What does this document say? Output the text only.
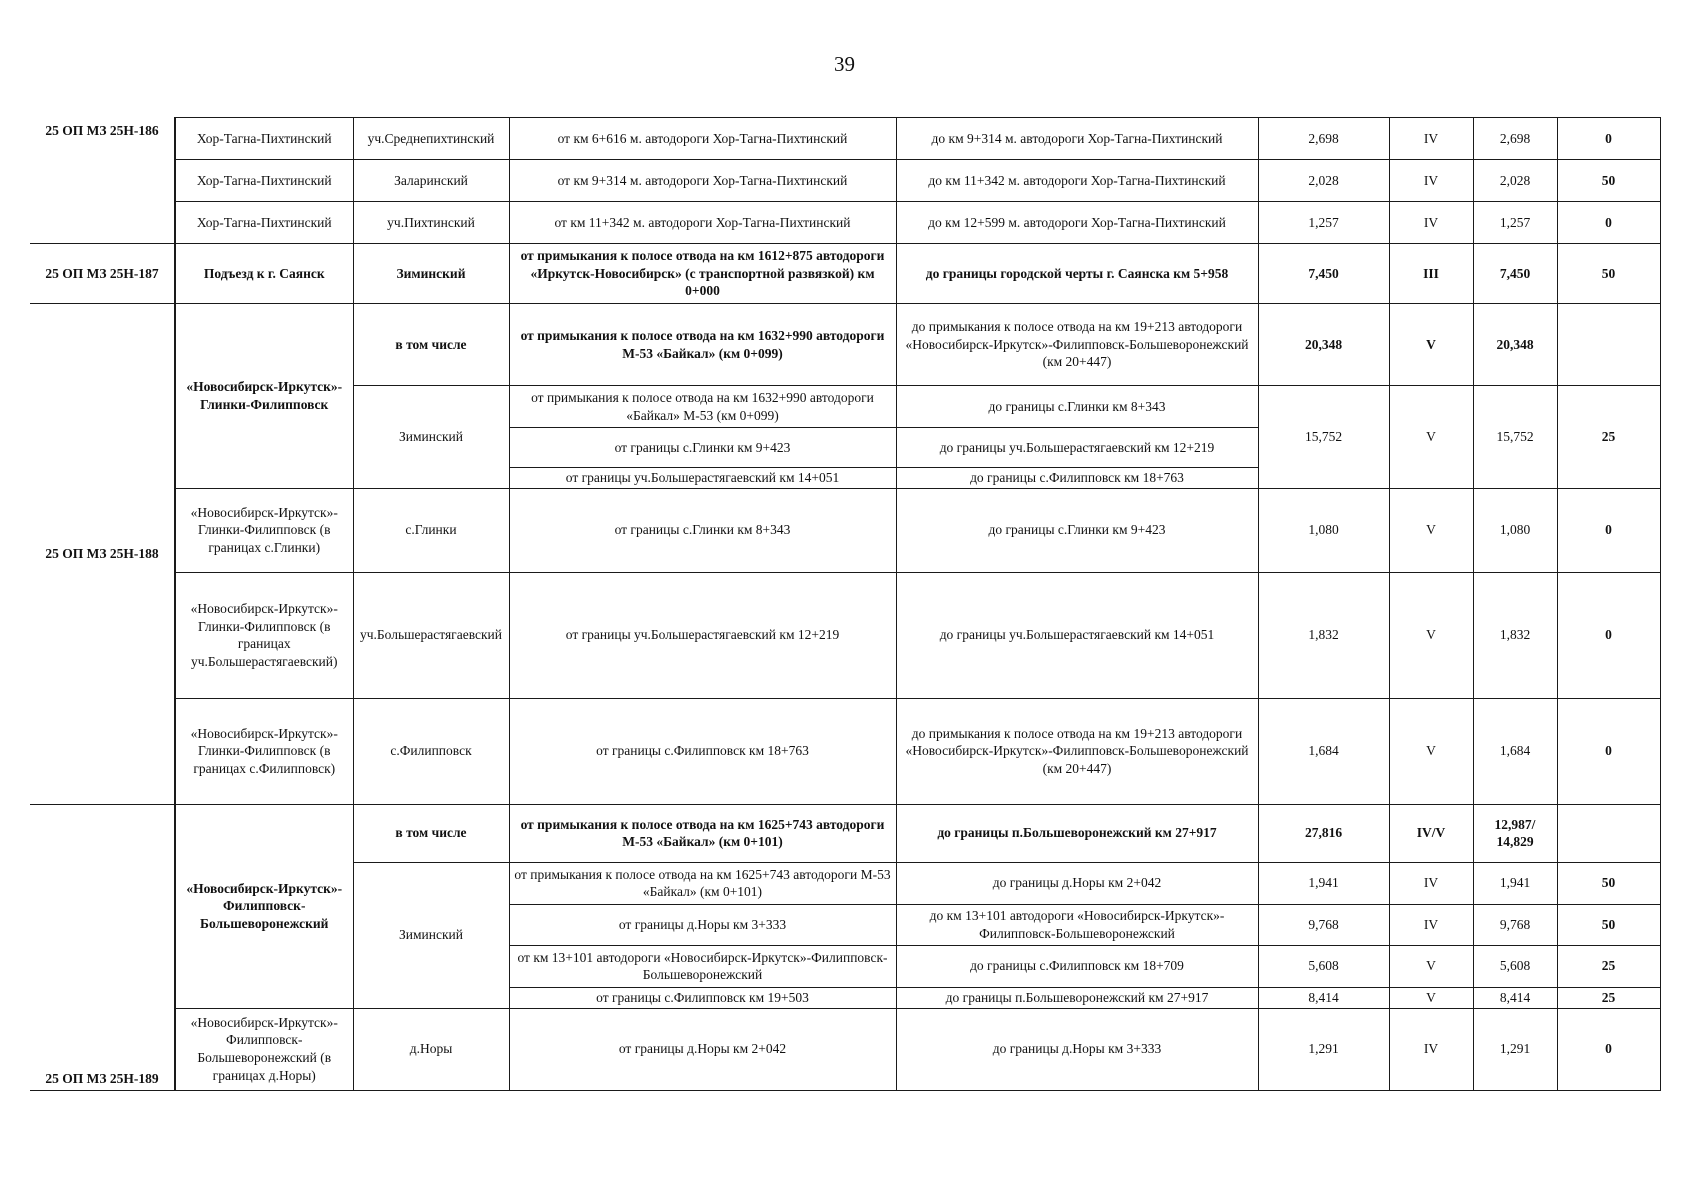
39
25 ОП МЗ 25Н-186	Хор-Тагна-Пихтинский	уч.Среднепихтинский	от км 6+616 м. автодороги Хор-Тагна-Пихтинский	до км 9+314 м. автодороги Хор-Тагна-Пихтинский	2,698	IV	2,698	0
	Хор-Тагна-Пихтинский	Заларинский	от км 9+314 м. автодороги Хор-Тагна-Пихтинский	до км 11+342 м. автодороги Хор-Тагна-Пихтинский	2,028	IV	2,028	50
	Хор-Тагна-Пихтинский	уч.Пихтинский	от км 11+342 м. автодороги Хор-Тагна-Пихтинский	до км 12+599 м. автодороги Хор-Тагна-Пихтинский	1,257	IV	1,257	0
25 ОП МЗ 25Н-187	Подъезд к г. Саянск	Зиминский	от примыкания к полосе отвода на км 1612+875 автодороги «Иркутск-Новосибирск» (с транспортной развязкой) км 0+000	до границы городской черты г. Саянска км 5+958	7,450	III	7,450	50
25 ОП МЗ 25Н-188	«Новосибирск-Иркутск»-Глинки-Филипповск	в том числе	от примыкания к полосе отвода на км 1632+990 автодороги М-53 «Байкал» (км 0+099)	до примыкания к полосе отвода на км 19+213 автодороги «Новосибирск-Иркутск»-Филипповск-Большеворонежский (км 20+447)	20,348	V	20,348	
		Зиминский	от примыкания к полосе отвода на км 1632+990 автодороги «Байкал» М-53 (км 0+099)	до границы с.Глинки км 8+343	15,752	V	15,752	25
			от границы с.Глинки км 9+423	до границы уч.Большерастягаевский км 12+219				
			от границы уч.Большерастягаевский км 14+051	до границы с.Филипповск км 18+763				
	«Новосибирск-Иркутск»-Глинки-Филипповск (в границах с.Глинки)	с.Глинки	от границы с.Глинки км 8+343	до границы с.Глинки км 9+423	1,080	V	1,080	0
	«Новосибирск-Иркутск»-Глинки-Филипповск (в границах уч.Большерастягаевский)	уч.Большерастягаевский	от границы уч.Большерастягаевский км 12+219	до границы уч.Большерастягаевский км 14+051	1,832	V	1,832	0
	«Новосибирск-Иркутск»-Глинки-Филипповск (в границах с.Филипповск)	с.Филипповск	от границы с.Филипповск км 18+763	до примыкания к полосе отвода на км 19+213 автодороги «Новосибирск-Иркутск»-Филипповск-Большеворонежский (км 20+447)	1,684	V	1,684	0
25 ОП МЗ 25Н-189	«Новосибирск-Иркутск»-Филипповск-Большеворонежский	в том числе	от примыкания к полосе отвода на км 1625+743 автодороги М-53 «Байкал» (км 0+101)	до границы п.Большеворонежский км 27+917	27,816	IV/V	12,987/ 14,829	
		Зиминский	от примыкания к полосе отвода на км 1625+743 автодороги М-53 «Байкал» (км 0+101)	до границы д.Норы км 2+042	1,941	IV	1,941	50
			от границы д.Норы км 3+333	до км 13+101 автодороги «Новосибирск-Иркутск»-Филипповск-Большеворонежский	9,768	IV	9,768	50
			от км 13+101 автодороги «Новосибирск-Иркутск»-Филипповск-Большеворонежский	до границы с.Филипповск км 18+709	5,608	V	5,608	25
			от границы с.Филипповск км 19+503	до границы п.Большеворонежский км 27+917	8,414	V	8,414	25
	«Новосибирск-Иркутск»-Филипповск-Большеворонежский (в границах д.Норы)	д.Норы	от границы д.Норы км 2+042	до границы д.Норы км 3+333	1,291	IV	1,291	0
